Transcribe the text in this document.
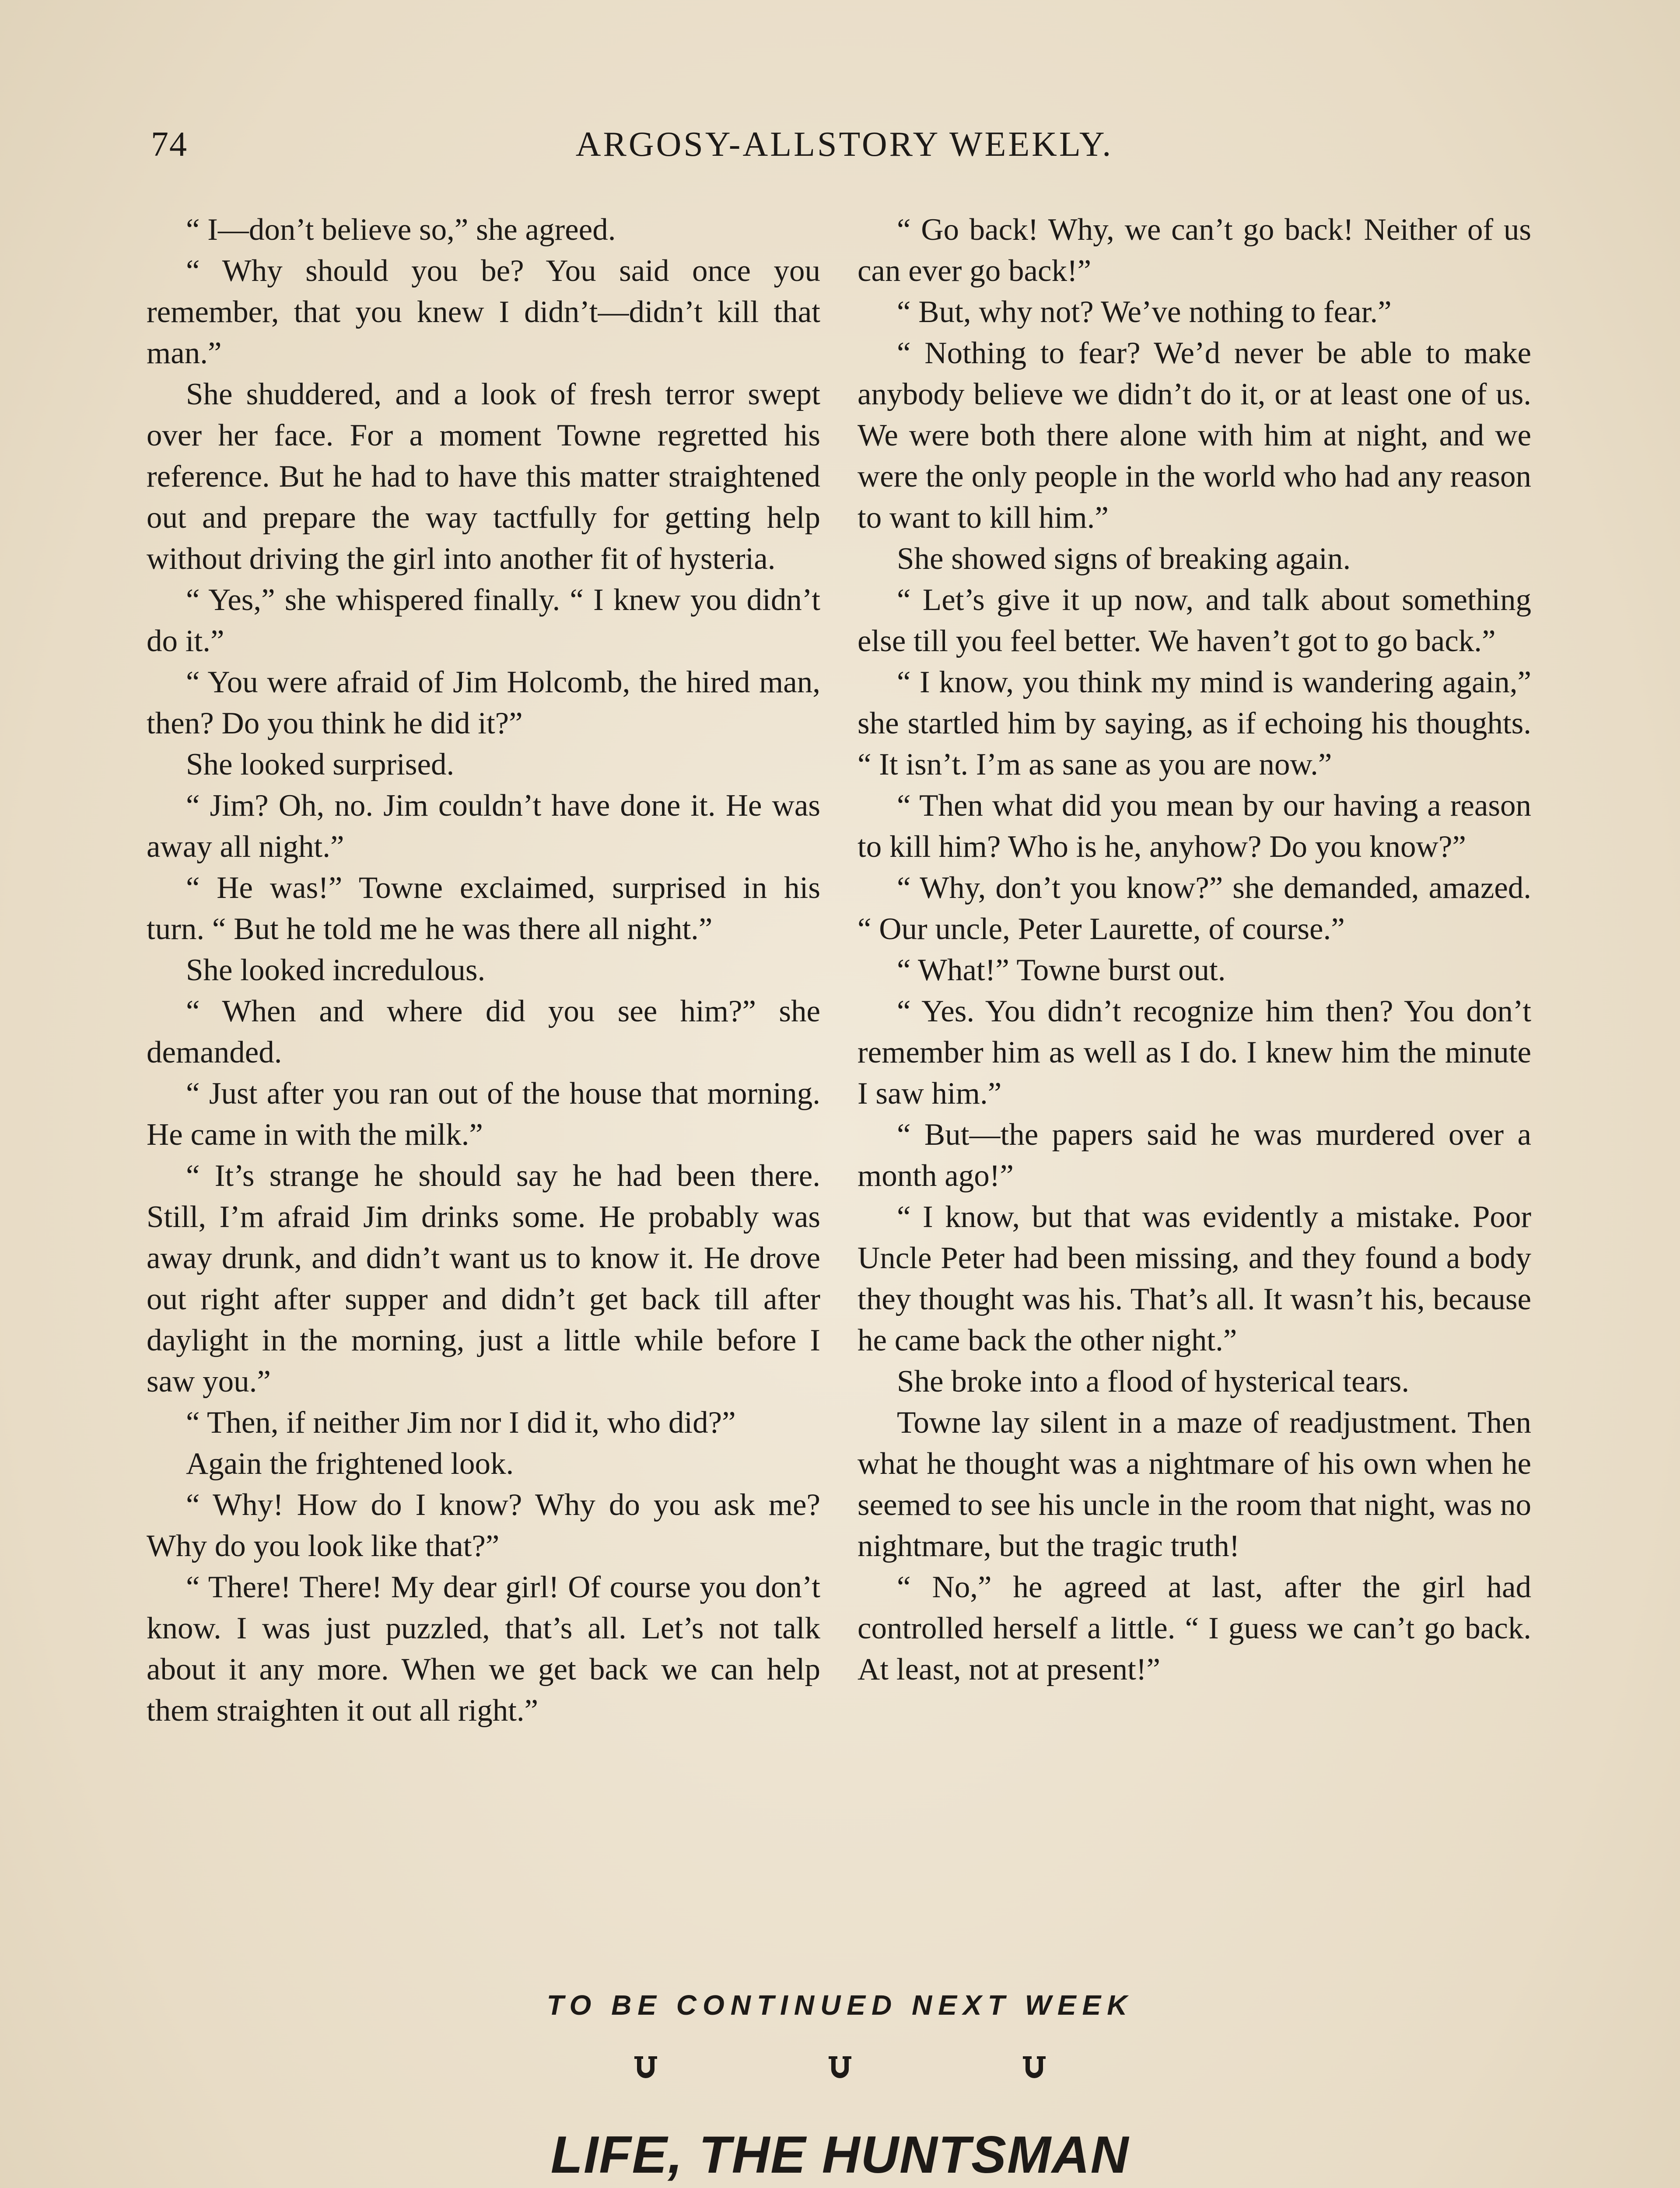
74	ARGOSY-ALLSTORY WEEKLY.

“ I—don’t believe so,” she agreed.

“ Why should you be? You said once you remember, that you knew I didn’t—didn’t kill that man.”

She shuddered, and a look of fresh terror swept over her face. For a moment Towne regretted his reference. But he had to have this matter straightened out and prepare the way tactfully for getting help without driving the girl into another fit of hysteria.

“ Yes,” she whispered finally. “ I knew you didn’t do it.”

“ You were afraid of Jim Holcomb, the hired man, then? Do you think he did it?”

She looked surprised.

“ Jim? Oh, no. Jim couldn’t have done it. He was away all night.”

“ He was!” Towne exclaimed, surprised in his turn. “ But he told me he was there all night.”

She looked incredulous.

“ When and where did you see him?” she demanded.

“ Just after you ran out of the house that morning. He came in with the milk.”

“ It’s strange he should say he had been there. Still, I’m afraid Jim drinks some. He probably was away drunk, and didn’t want us to know it. He drove out right after supper and didn’t get back till after daylight in the morning, just a little while before I saw you.”

“ Then, if neither Jim nor I did it, who did?”

Again the frightened look.

“ Why! How do I know? Why do you ask me? Why do you look like that?”

“ There! There! My dear girl! Of course you don’t know. I was just puzzled, that’s all. Let’s not talk about it any more. When we get back we can help them straighten it out all right.”

“ Go back! Why, we can’t go back! Neither of us can ever go back!”

“ But, why not? We’ve nothing to fear.”

“ Nothing to fear? We’d never be able to make anybody believe we didn’t do it, or at least one of us. We were both there alone with him at night, and we were the only people in the world who had any reason to want to kill him.”

She showed signs of breaking again.

“ Let’s give it up now, and talk about something else till you feel better. We haven’t got to go back.”

“ I know, you think my mind is wandering again,” she startled him by saying, as if echoing his thoughts. “ It isn’t. I’m as sane as you are now.”

“ Then what did you mean by our having a reason to kill him? Who is he, anyhow? Do you know?”

“ Why, don’t you know?” she demanded, amazed. “ Our uncle, Peter Laurette, of course.”

“ What!” Towne burst out.

“ Yes. You didn’t recognize him then? You don’t remember him as well as I do. I knew him the minute I saw him.”

“ But—the papers said he was murdered over a month ago!”

“ I know, but that was evidently a mistake. Poor Uncle Peter had been missing, and they found a body they thought was his. That’s all. It wasn’t his, because he came back the other night.”

She broke into a flood of hysterical tears.

Towne lay silent in a maze of readjustment. Then what he thought was a nightmare of his own when he seemed to see his uncle in the room that night, was no nightmare, but the tragic truth!

“ No,” he agreed at last, after the girl had controlled herself a little. “ I guess we can’t go back. At least, not at present!”

TO BE CONTINUED NEXT WEEK
LIFE, THE HUNTSMAN
